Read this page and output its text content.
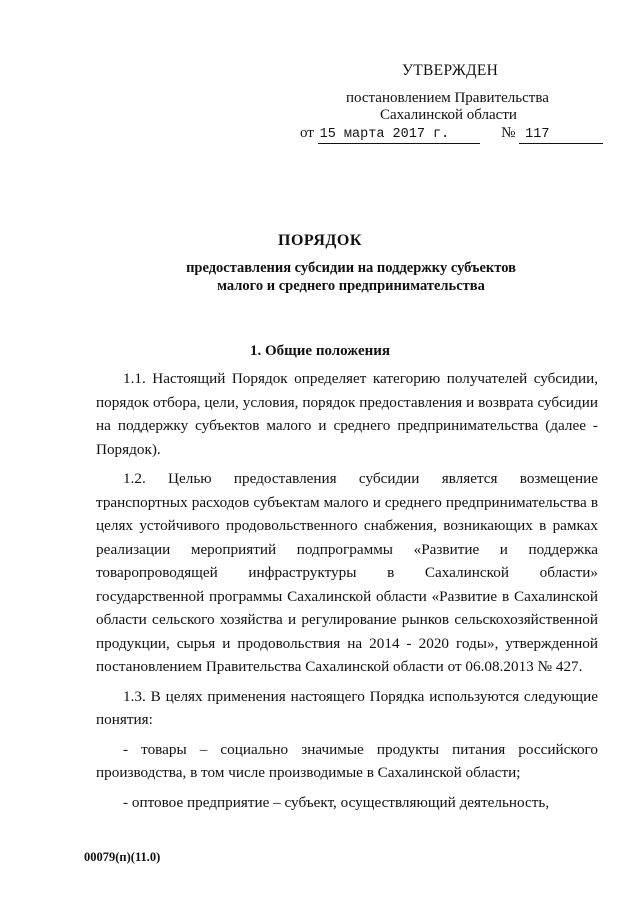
УТВЕРЖДЕН
постановлением Правительства
Сахалинской области
от 15 марта 2017 г.	№ 117
ПОРЯДОК
предоставления субсидии на поддержку субъектов
малого и среднего предпринимательства
1. Общие положения

1.1. Настоящий Порядок определяет категорию получателей субсидии, порядок отбора, цели, условия, порядок предоставления и возврата субсидии на поддержку субъектов малого и среднего предпринимательства (далее - Порядок).

1.2. Целью предоставления субсидии является возмещение транспортных расходов субъектам малого и среднего предпринимательства в целях устойчивого продовольственного снабжения, возникающих в рамках реализации мероприятий подпрограммы «Развитие и поддержка товаропроводящей инфраструктуры в Сахалинской области» государственной программы Сахалинской области «Развитие в Сахалинской области сельского хозяйства и регулирование рынков сельскохозяйственной продукции, сырья и продовольствия на 2014 - 2020 годы», утвержденной постановлением Правительства Сахалинской области от 06.08.2013 № 427.

1.3. В целях применения настоящего Порядка используются следующие понятия:

- товары – социально значимые продукты питания российского производства, в том числе производимые в Сахалинской области;

- оптовое предприятие – субъект, осуществляющий деятельность,

00079(п)(11.0)
